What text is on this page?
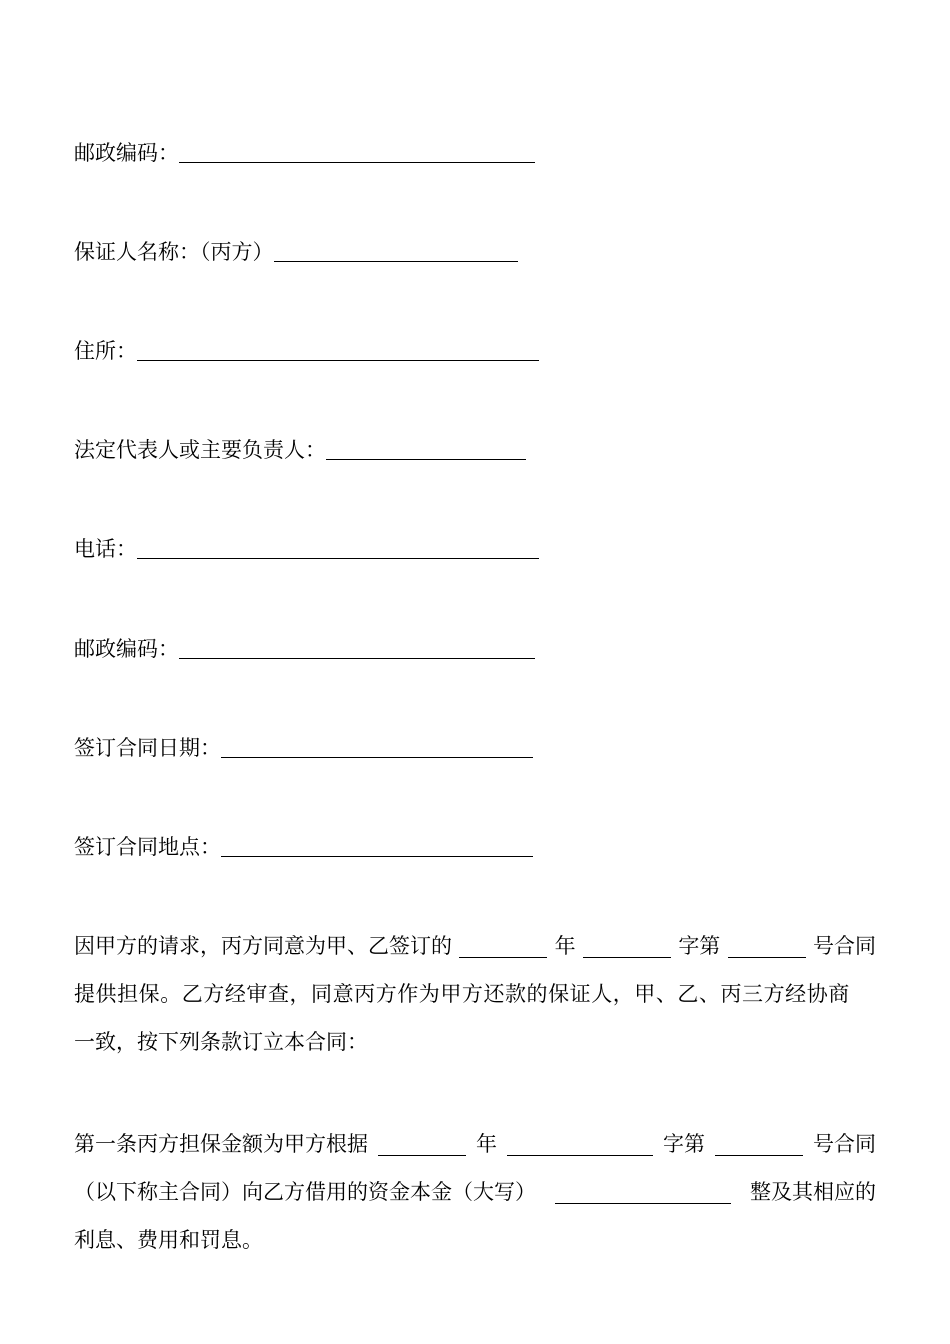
邮政编码：
保证人名称：（丙方）
住所：
法定代表人或主要负责人：
电话：
邮政编码：
签订合同日期：
签订合同地点：
因甲方的请求，丙方同意为甲、乙签订的	年	字第	号合同
提供担保。乙方经审查，同意丙方作为甲方还款的保证人，甲、乙、丙三方经协商
一致，按下列条款订立本合同：
第一条丙方担保金额为甲方根据	年	字第	号合同
（以下称主合同）向乙方借用的资金本金（大写）	整及其相应的
利息、费用和罚息。
